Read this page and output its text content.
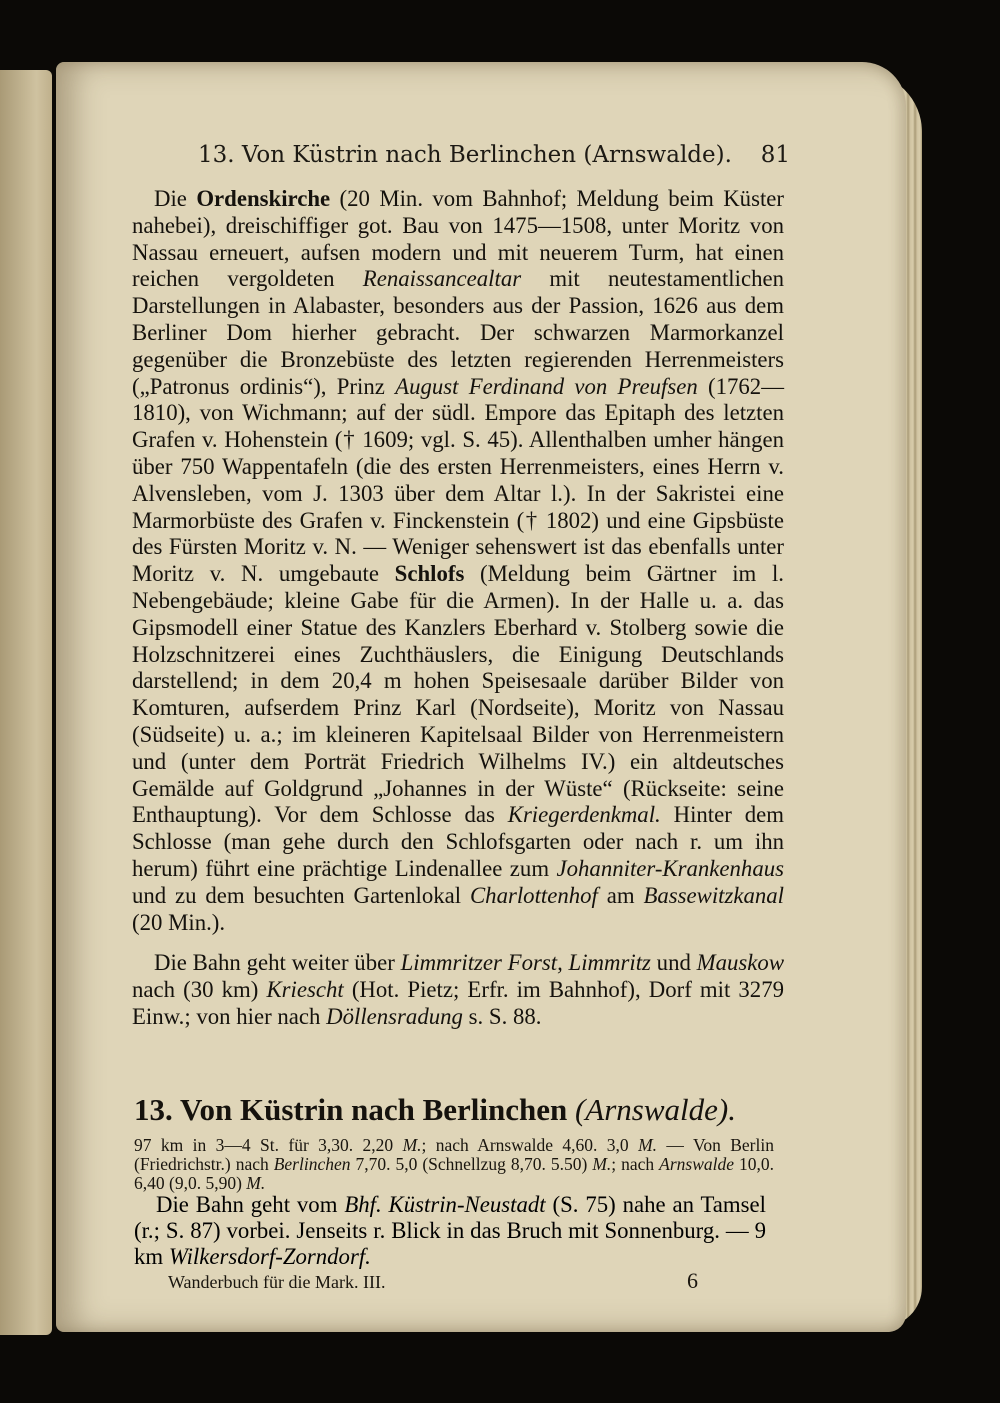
13. Von Küstrin nach Berlinchen (Arnswalde). 81

Die Ordenskirche (20 Min. vom Bahnhof; Meldung beim Küster nahebei), dreischiffiger got. Bau von 1475—1508, unter Moritz von Nassau erneuert, aufsen modern und mit neuerem Turm, hat einen reichen vergoldeten Renaissancealtar mit neutestamentlichen Darstellungen in Alabaster, besonders aus der Passion, 1626 aus dem Berliner Dom hierher gebracht. Der schwarzen Marmorkanzel gegenüber die Bronzebüste des letzten regierenden Herrenmeisters („Patronus ordinis“), Prinz August Ferdinand von Preufsen (1762—1810), von Wichmann; auf der südl. Empore das Epitaph des letzten Grafen v. Hohenstein († 1609; vgl. S. 45). Allenthalben umher hängen über 750 Wappentafeln (die des ersten Herrenmeisters, eines Herrn v. Alvensleben, vom J. 1303 über dem Altar l.). In der Sakristei eine Marmorbüste des Grafen v. Finckenstein († 1802) und eine Gipsbüste des Fürsten Moritz v. N. — Weniger sehenswert ist das ebenfalls unter Moritz v. N. umgebaute Schlofs (Meldung beim Gärtner im l. Nebengebäude; kleine Gabe für die Armen). In der Halle u. a. das Gipsmodell einer Statue des Kanzlers Eberhard v. Stolberg sowie die Holzschnitzerei eines Zuchthäuslers, die Einigung Deutschlands darstellend; in dem 20,4 m hohen Speisesaale darüber Bilder von Komturen, aufserdem Prinz Karl (Nordseite), Moritz von Nassau (Südseite) u. a.; im kleineren Kapitelsaal Bilder von Herrenmeistern und (unter dem Porträt Friedrich Wilhelms IV.) ein altdeutsches Gemälde auf Goldgrund „Johannes in der Wüste“ (Rückseite: seine Enthauptung). Vor dem Schlosse das Kriegerdenkmal. Hinter dem Schlosse (man gehe durch den Schlofsgarten oder nach r. um ihn herum) führt eine prächtige Lindenallee zum Johanniter-Krankenhaus und zu dem besuchten Gartenlokal Charlottenhof am Bassewitzkanal (20 Min.).

Die Bahn geht weiter über Limmritzer Forst, Limmritz und Mauskow nach (30 km) Kriescht (Hot. Pietz; Erfr. im Bahnhof), Dorf mit 3279 Einw.; von hier nach Döllensradung s. S. 88.

13. Von Küstrin nach Berlinchen (Arnswalde).
97 km in 3—4 St. für 3,30. 2,20 M.; nach Arnswalde 4,60. 3,0 M. — Von Berlin (Friedrichstr.) nach Berlinchen 7,70. 5,0 (Schnellzug 8,70. 5.50) M.; nach Arnswalde 10,0. 6,40 (9,0. 5,90) M.

Die Bahn geht vom Bhf. Küstrin-Neustadt (S. 75) nahe an Tamsel (r.; S. 87) vorbei. Jenseits r. Blick in das Bruch mit Sonnenburg. — 9 km Wilkersdorf-Zorndorf.

Wanderbuch für die Mark. III.	6
